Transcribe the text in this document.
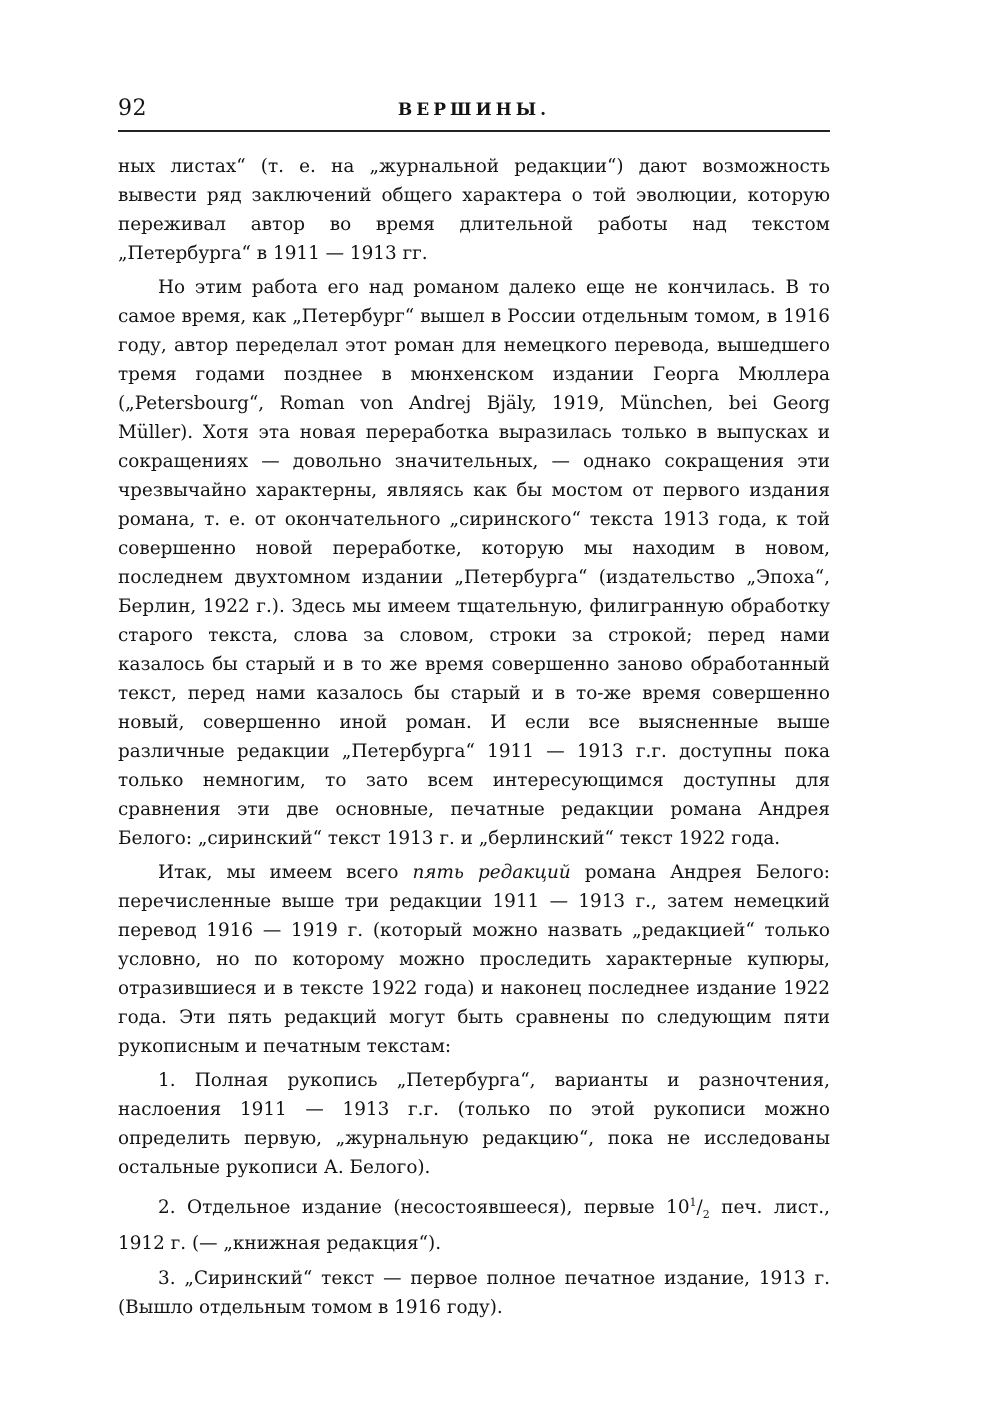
92	ВЕРШИНЫ.

ных листах“ (т. е. на „журнальной редакции“) дают возможность вывести ряд заключений общего характера о той эволюции, которую переживал автор во время длительной работы над текстом „Петербурга“ в 1911 — 1913 гг.

Но этим работа его над романом далеко еще не кончилась. В то самое время, как „Петербург“ вышел в России отдельным томом, в 1916 году, автор переделал этот роман для немецкого перевода, вышедшего тремя годами позднее в мюнхенском издании Георга Мюллера („Petersbourg“, Roman von Andrej Bjäly, 1919, München, bei Georg Müller). Хотя эта новая переработка выразилась только в выпусках и сокращениях — довольно значительных, — однако сокращения эти чрезвычайно характерны, являясь как бы мостом от первого издания романа, т. е. от окончательного „сиринского“ текста 1913 года, к той совершенно новой переработке, которую мы находим в новом, последнем двухтомном издании „Петербурга“ (издательство „Эпоха“, Берлин, 1922 г.). Здесь мы имеем тщательную, филигранную обработку старого текста, слова за словом, строки за строкой; перед нами казалось бы старый и в то же время совершенно заново обработанный текст, перед нами казалось бы старый и в то-же время совершенно новый, совершенно иной роман. И если все выясненные выше различные редакции „Петербурга“ 1911 — 1913 г.г. доступны пока только немногим, то зато всем интересующимся доступны для сравнения эти две основные, печатные редакции романа Андрея Белого: „сиринский“ текст 1913 г. и „берлинский“ текст 1922 года.

Итак, мы имеем всего пять редакций романа Андрея Белого: перечисленные выше три редакции 1911 — 1913 г., затем немецкий перевод 1916 — 1919 г. (который можно назвать „редакцией“ только условно, но по которому можно проследить характерные купюры, отразившиеся и в тексте 1922 года) и наконец последнее издание 1922 года. Эти пять редакций могут быть сравнены по следующим пяти рукописным и печатным текстам:

1. Полная рукопись „Петербурга“, варианты и разночтения, наслоения 1911 — 1913 г.г. (только по этой рукописи можно определить первую, „журнальную редакцию“, пока не исследованы остальные рукописи А. Белого).

2. Отдельное издание (несостоявшееся), первые $10^1/_2$ печ. лист., 1912 г. (— „книжная редакция“).

3. „Сиринский“ текст — первое полное печатное издание, 1913 г. (Вышло отдельным томом в 1916 году).
